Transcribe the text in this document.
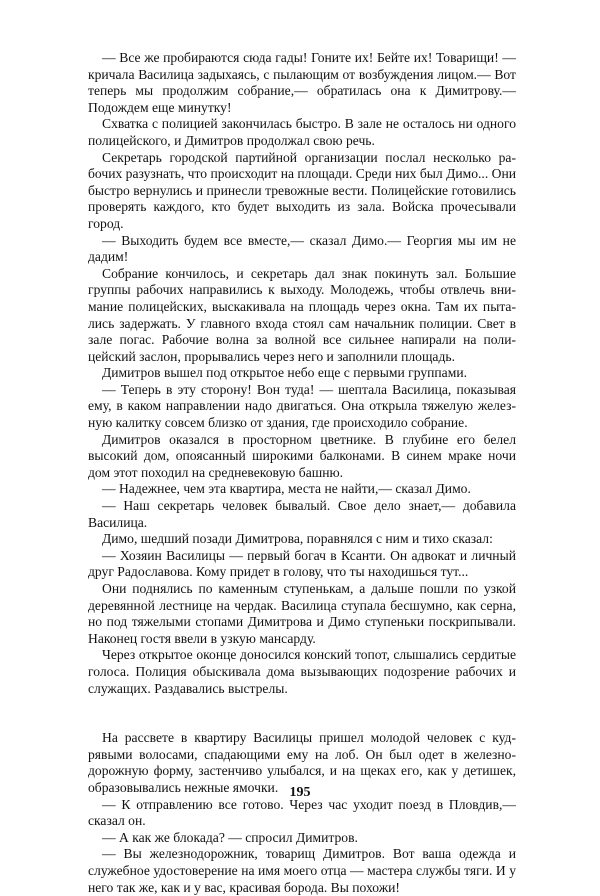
— Все же пробираются сюда гады! Гоните их! Бейте их! Товарищи! — кричала Василица задыхаясь, с пылающим от возбуждения лицом.— Вот теперь мы продолжим собрание,— обратилась она к Димитрову.— Подождем еще минутку!

Схватка с полицией закончилась быстро. В зале не осталось ни одного полицейского, и Димитров продолжал свою речь.

Секретарь городской партийной организации послал несколько рабочих разузнать, что происходит на площади. Среди них был Димо... Они быстро вернулись и принесли тревожные вести. Полицейские готовились проверять каждого, кто будет выходить из зала. Войска прочесывали город.

— Выходить будем все вместе,— сказал Димо.— Георгия мы им не дадим!

Собрание кончилось, и секретарь дал знак покинуть зал. Большие группы рабочих направились к выходу. Молодежь, чтобы отвлечь внимание полицейских, выскакивала на площадь через окна. Там их пытались задержать. У главного входа стоял сам начальник полиции. Свет в зале погас. Рабочие волна за волной все сильнее напирали на полицейский заслон, прорывались через него и заполнили площадь.

Димитров вышел под открытое небо еще с первыми группами.

— Теперь в эту сторону! Вон туда! — шептала Василица, показывая ему, в каком направлении надо двигаться. Она открыла тяжелую железную калитку совсем близко от здания, где происходило собрание.

Димитров оказался в просторном цветнике. В глубине его белел высокий дом, опоясанный широкими балконами. В синем мраке ночи дом этот походил на средневековую башню.

— Надежнее, чем эта квартира, места не найти,— сказал Димо.

— Наш секретарь человек бывалый. Свое дело знает,— добавила Василица.

Димо, шедший позади Димитрова, поравнялся с ним и тихо сказал:

— Хозяин Василицы — первый богач в Ксанти. Он адвокат и личный друг Радославова. Кому придет в голову, что ты находишься тут...

Они поднялись по каменным ступенькам, а дальше пошли по узкой деревянной лестнице на чердак. Василица ступала бесшумно, как серна, но под тяжелыми стопами Димитрова и Димо ступеньки поскрипывали. Наконец гостя ввели в узкую мансарду.

Через открытое оконце доносился конский топот, слышались сердитые голоса. Полиция обыскивала дома вызывающих подозрение рабочих и служащих. Раздавались выстрелы.

На рассвете в квартиру Василицы пришел молодой человек с кудрявыми волосами, спадающими ему на лоб. Он был одет в железнодорожную форму, застенчиво улыбался, и на щеках его, как у детишек, образовывались нежные ямочки.

— К отправлению все готово. Через час уходит поезд в Пловдив,— сказал он.

— А как же блокада? — спросил Димитров.

— Вы железнодорожник, товарищ Димитров. Вот ваша одежда и служебное удостоверение на имя моего отца — мастера службы тяги. И у него так же, как и у вас, красивая борода. Вы похожи!

195
